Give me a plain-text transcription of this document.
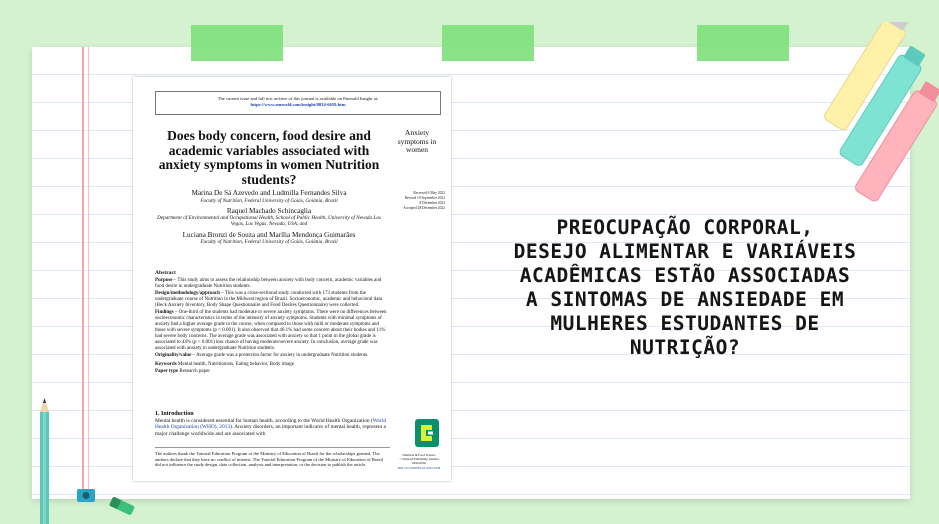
The current issue and full text archive of this journal is available on Emerald Insight at:
https://www.emerald.com/insight/0034-6659.htm
Does body concern, food desire and academic variables associated with anxiety symptoms in women Nutrition students?
Anxiety symptoms in women
Received 6 May 2022
Revised 19 September 2022
8 December 2022
Accepted 28 December 2022
Marina De Sá Azevedo and Ludmilla Fernandes Silva
Faculty of Nutrition, Federal University of Goiás, Goiânia, Brazil
Raquel Machado Schincaglia
Department of Environmental and Occupational Health, School of Public Health, University of Nevada Las Vegas, Las Vegas, Nevada, USA, and
Luciana Bronzi de Souza and Marília Mendonça Guimarães
Faculty of Nutrition, Federal University of Goiás, Goiânia, Brazil
Abstract

Purpose – This study aims to assess the relationship between anxiety with body concern, academic variables and food desire in undergraduate Nutrition students.

Design/methodology/approach – This was a cross-sectional study conducted with 173 students from the undergraduate course of Nutrition in the Midwest region of Brazil. Socioeconomic, academic and behavioral data (Beck Anxiety Inventory, Body Shape Questionnaire and Food Desires Questionnaire) were collected.

Findings – One-third of the students had moderate or severe anxiety symptoms. There were no differences between socioeconomic characteristics in terms of the intensity of anxiety symptoms. Students with minimal symptoms of anxiety had a higher average grade in the course, when compared to those with mild or moderate symptoms and those with severe symptoms (p < 0.001). It also observed that 46.1% had some concern about their bodies and 11% had severe body concerns. The average grade was associated with anxiety so that 1 point in the global grade is associated to 44% (p < 0.001) less chance of having moderate/severe anxiety. In conclusion, average grade was associated with anxiety in undergraduate Nutrition students.

Originality/value – Average grade was a protection factor for anxiety in undergraduate Nutrition students.

Keywords Mental health, Nutritionists, Eating behavior, Body image

Paper type Research paper

1. Introduction
Mental health is considered essential for human health, according to the World Health Organization (World Health Organization (WHO), 2013). Anxiety disorders, an important indicator of mental health, represent a major challenge worldwide and are associated with
The authors thank the Tutorial Education Program of the Ministry of Education of Brazil for the scholarships granted. The authors declare that they have no conflict of interest. The Tutorial Education Program of the Ministry of Education of Brazil did not influence the study design, data collection, analysis and interpretation, or the decision to publish the article.
Nutrition & Food Science
© Emerald Publishing Limited
0034-6659
DOI 10.1108/NFS-05-2022-0158
PREOCUPAÇÃO CORPORAL,
DESEJO ALIMENTAR E VARIÁVEIS
ACADÊMICAS ESTÃO ASSOCIADAS
A SINTOMAS DE ANSIEDADE EM
MULHERES ESTUDANTES DE
NUTRIÇÃO?
